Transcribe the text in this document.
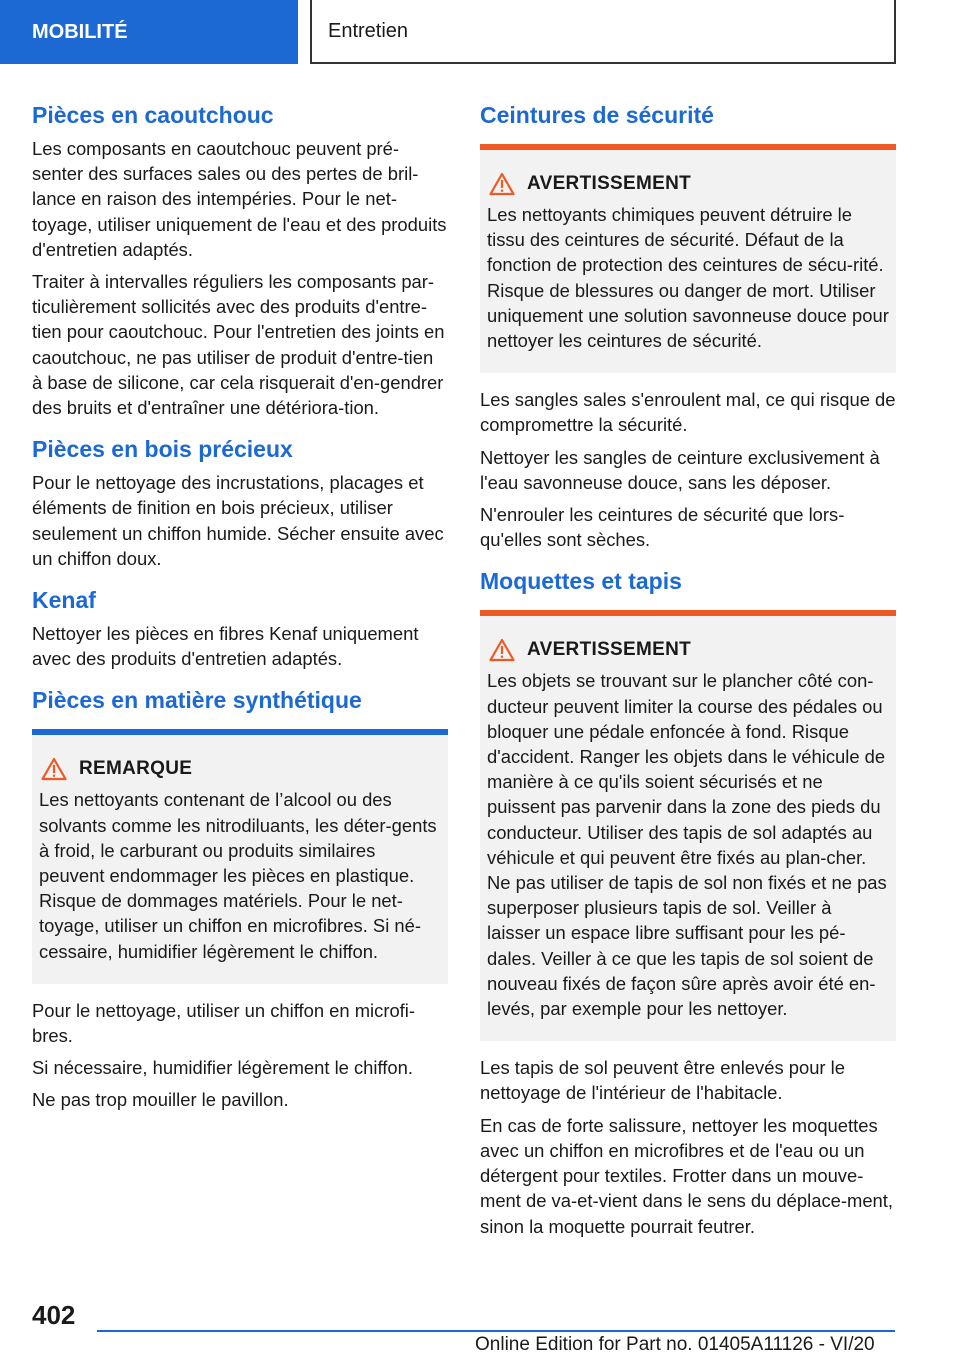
MOBILITÉ	Entretien
Pièces en caoutchouc

Les composants en caoutchouc peuvent pré-senter des surfaces sales ou des pertes de bril-lance en raison des intempéries. Pour le net-toyage, utiliser uniquement de l'eau et des produits d'entretien adaptés.

Traiter à intervalles réguliers les composants par-ticulièrement sollicités avec des produits d'entre-tien pour caoutchouc. Pour l'entretien des joints en caoutchouc, ne pas utiliser de produit d'entre-tien à base de silicone, car cela risquerait d'en-gendrer des bruits et d'entraîner une détériora-tion.

Pièces en bois précieux

Pour le nettoyage des incrustations, placages et éléments de finition en bois précieux, utiliser seulement un chiffon humide. Sécher ensuite avec un chiffon doux.

Kenaf

Nettoyer les pièces en fibres Kenaf uniquement avec des produits d'entretien adaptés.

Pièces en matière synthétique
REMARQUE

Les nettoyants contenant de l’alcool ou des solvants comme les nitrodiluants, les déter-gents à froid, le carburant ou produits similaires peuvent endommager les pièces en plastique. Risque de dommages matériels. Pour le net-toyage, utiliser un chiffon en microfibres. Si né-cessaire, humidifier légèrement le chiffon.

Pour le nettoyage, utiliser un chiffon en microfi-bres.

Si nécessaire, humidifier légèrement le chiffon.

Ne pas trop mouiller le pavillon.

Ceintures de sécurité
AVERTISSEMENT

Les nettoyants chimiques peuvent détruire le tissu des ceintures de sécurité. Défaut de la fonction de protection des ceintures de sécu-rité. Risque de blessures ou danger de mort. Utiliser uniquement une solution savonneuse douce pour nettoyer les ceintures de sécurité.

Les sangles sales s'enroulent mal, ce qui risque de compromettre la sécurité.

Nettoyer les sangles de ceinture exclusivement à l'eau savonneuse douce, sans les déposer.

N'enrouler les ceintures de sécurité que lors-qu'elles sont sèches.

Moquettes et tapis
AVERTISSEMENT

Les objets se trouvant sur le plancher côté con-ducteur peuvent limiter la course des pédales ou bloquer une pédale enfoncée à fond. Risque d'accident. Ranger les objets dans le véhicule de manière à ce qu'ils soient sécurisés et ne puissent pas parvenir dans la zone des pieds du conducteur. Utiliser des tapis de sol adaptés au véhicule et qui peuvent être fixés au plan-cher. Ne pas utiliser de tapis de sol non fixés et ne pas superposer plusieurs tapis de sol. Veiller à laisser un espace libre suffisant pour les pé-dales. Veiller à ce que les tapis de sol soient de nouveau fixés de façon sûre après avoir été en-levés, par exemple pour les nettoyer.

Les tapis de sol peuvent être enlevés pour le nettoyage de l'intérieur de l'habitacle.

En cas de forte salissure, nettoyer les moquettes avec un chiffon en microfibres et de l'eau ou un détergent pour textiles. Frotter dans un mouve-ment de va-et-vient dans le sens du déplace-ment, sinon la moquette pourrait feutrer.

402
Online Edition for Part no. 01405A11126 - VI/20
